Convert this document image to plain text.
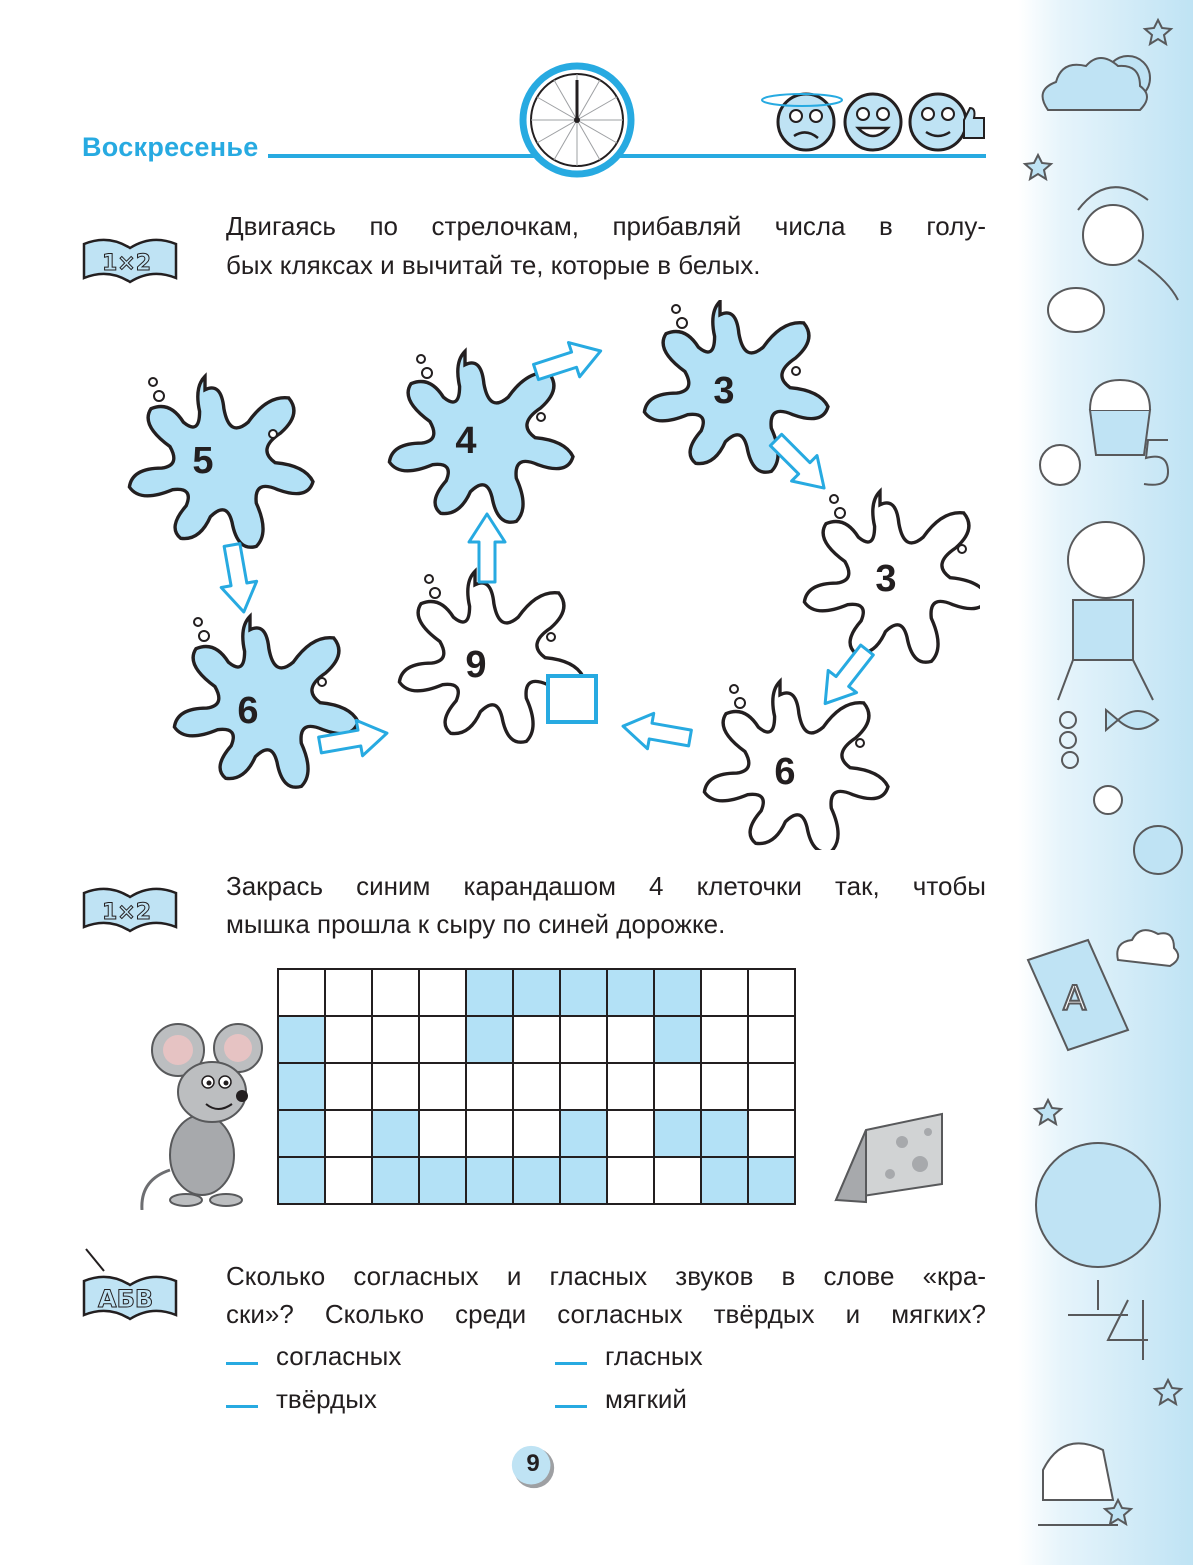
A
Воскресенье
1×2
1×2
АБВ
Двигаясь по стрелочкам, прибавляй числа в голу-
бых кляксах и вычитай те, которые в белых.
5
6
9
4
3
3
6
Закрась синим карандашом 4 клеточки так, чтобы
мышка прошла к сыру по синей дорожке.

Сколько согласных и гласных звуков в слове «кра-
ски»? Сколько среди согласных твёрдых и мягких?
согласных	гласных
твёрдых	мягкий
9
